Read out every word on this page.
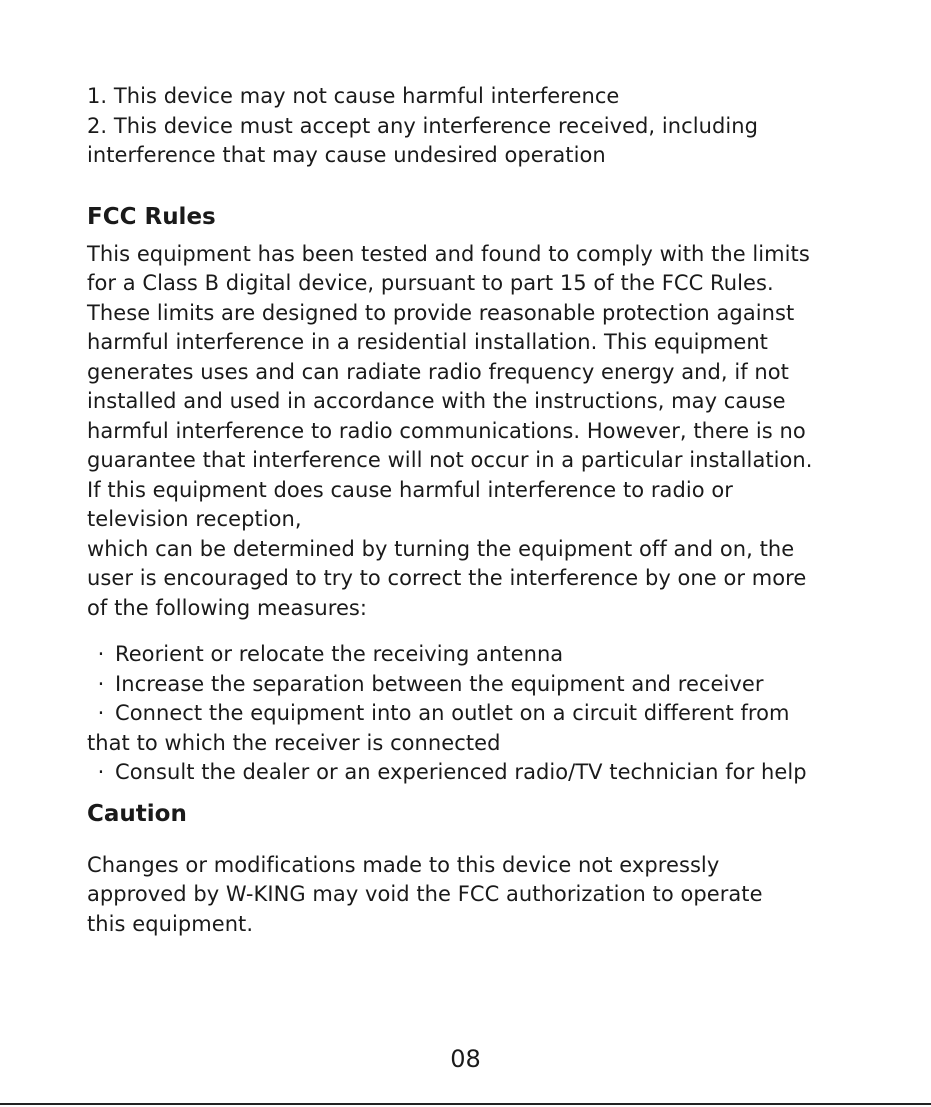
1. This device may not cause harmful interference

2. This device must accept any interference received, including

interference that may cause undesired operation

FCC Rules

This equipment has been tested and found to comply with the limits

for a Class B digital device, pursuant to part 15 of the FCC Rules.

These limits are designed to provide reasonable protection against

harmful interference in a residential installation. This equipment

generates uses and can radiate radio frequency energy and, if not

installed and used in accordance with the instructions, may cause

harmful interference to radio communications. However, there is no

guarantee that interference will not occur in a particular installation.

If this equipment does cause harmful interference to radio or

television reception,

which can be determined by turning the equipment off and on, the

user is encouraged to try to correct the interference by one or more

of the following measures:

· Reorient or relocate the receiving antenna

· Increase the separation between the equipment and receiver

· Connect the equipment into an outlet on a circuit different from

that to which the receiver is connected

· Consult the dealer or an experienced radio/TV technician for help

Caution

Changes or modifications made to this device not expressly

approved by W-KING may void the FCC authorization to operate

this equipment.

08
